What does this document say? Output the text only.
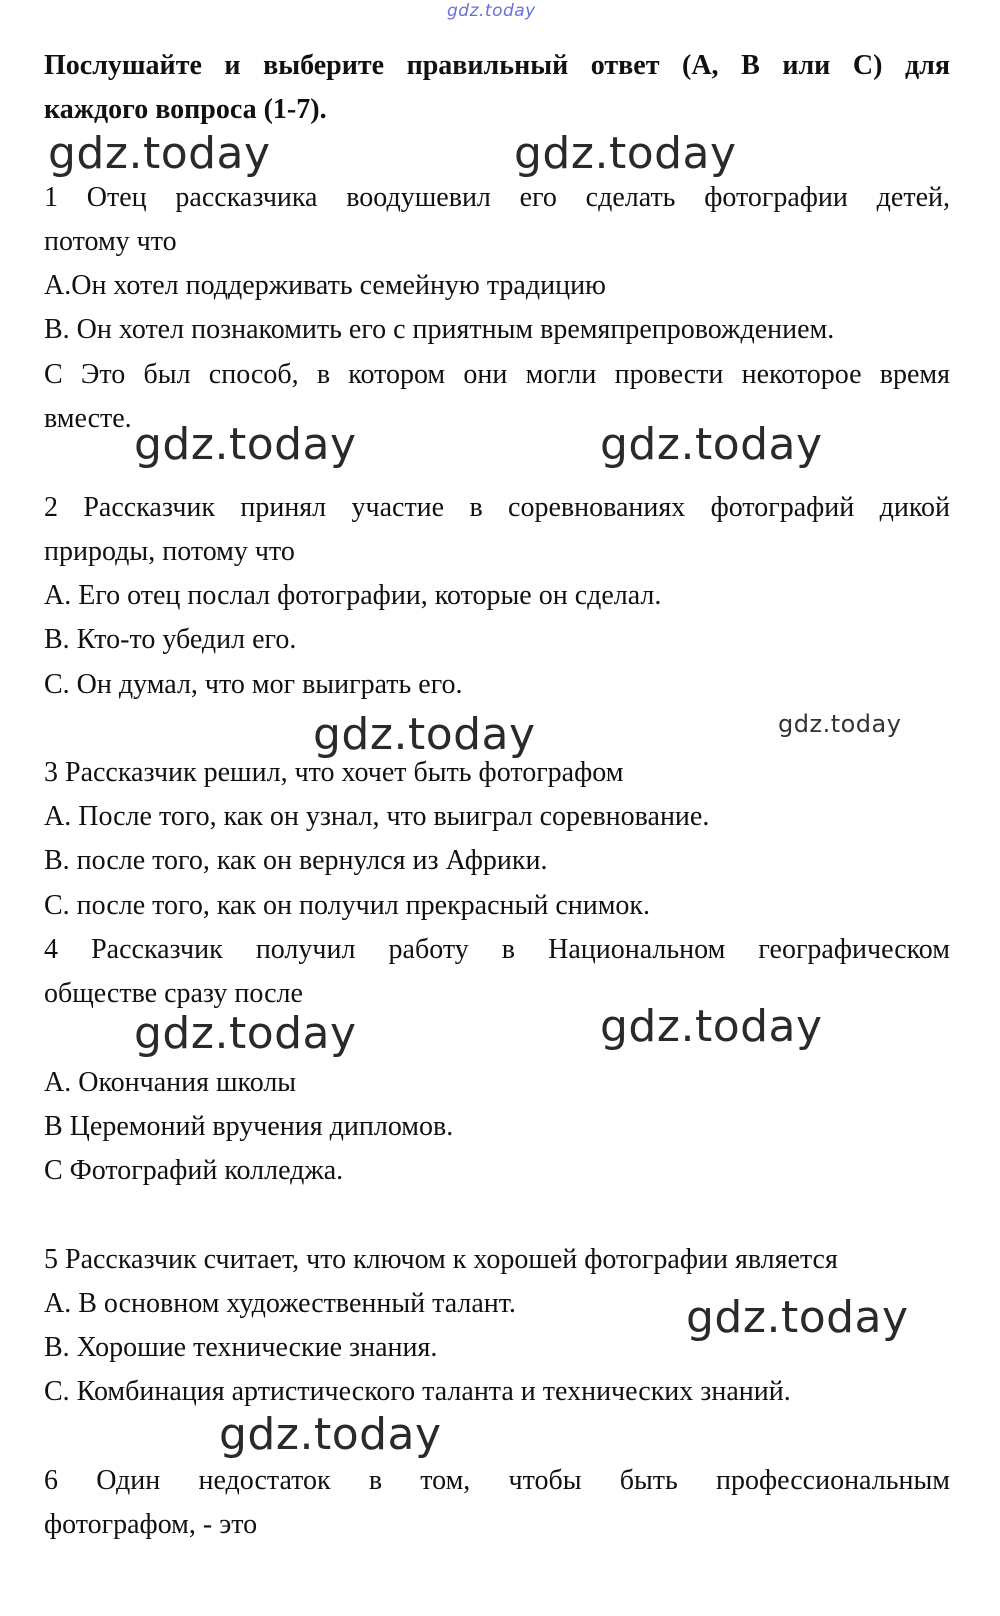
gdz.today
Послушайте и выберите правильный ответ (A, B или C) для
каждого вопроса (1-7).
gdz.today	gdz.today
1 Отец рассказчика воодушевил его сделать фотографии детей,
потому что
A.Он хотел поддерживать семейную традицию
B. Он хотел познакомить его с приятным времяпрепровождением.
C Это был способ, в котором они могли провести некоторое время
вместе.
gdz.today	gdz.today
2 Рассказчик принял участие в соревнованиях фотографий дикой
природы, потому что
A. Его отец послал фотографии, которые он сделал.
B. Кто-то убедил его.
C. Он думал, что мог выиграть его.
gdz.today	gdz.today
3 Рассказчик решил, что хочет быть фотографом
A. После того, как он узнал, что выиграл соревнование.
B. после того, как он вернулся из Африки.
C. после того, как он получил прекрасный снимок.
4 Рассказчик получил работу в Национальном географическом
обществе сразу после
gdz.today	gdz.today
A. Окончания школы
B Церемоний вручения дипломов.
C Фотографий колледжа.
5 Рассказчик считает, что ключом к хорошей фотографии является
A. В основном художественный талант.	gdz.today
B. Хорошие технические знания.
C. Комбинация артистического таланта и технических знаний.
gdz.today
6 Один недостаток в том, чтобы быть профессиональным
фотографом, - это
